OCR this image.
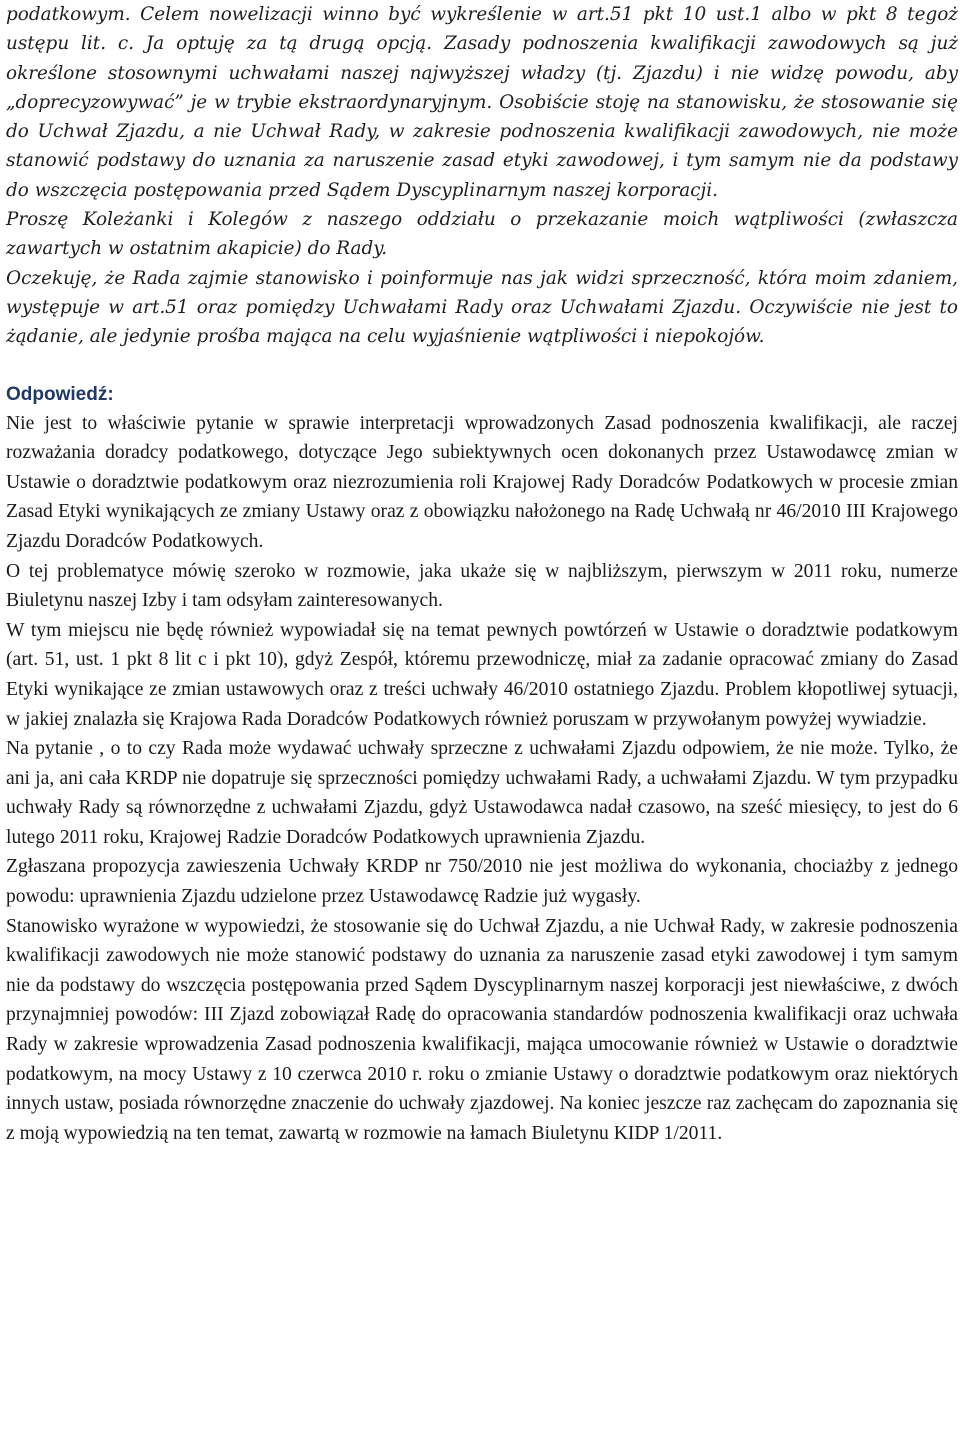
podatkowym. Celem nowelizacji winno być wykreślenie w art.51 pkt 10 ust.1 albo w pkt 8 tegoż ustępu lit. c. Ja optuję za tą drugą opcją. Zasady podnoszenia kwalifikacji zawodowych są już określone stosownymi uchwałami naszej najwyższej władzy (tj. Zjazdu) i nie widzę powodu, aby „doprecyzowywać” je w trybie ekstraordynaryjnym. Osobiście stoję na stanowisku, że stosowanie się do Uchwał Zjazdu, a nie Uchwał Rady, w zakresie podnoszenia kwalifikacji zawodowych, nie może stanowić podstawy do uznania za naruszenie zasad etyki zawodowej, i tym samym nie da podstawy do wszczęcia postępowania przed Sądem Dyscyplinarnym naszej korporacji.

Proszę Koleżanki i Kolegów z naszego oddziału o przekazanie moich wątpliwości (zwłaszcza zawartych w ostatnim akapicie) do Rady.

Oczekuję, że Rada zajmie stanowisko i poinformuje nas jak widzi sprzeczność, która moim zdaniem, występuje w art.51 oraz pomiędzy Uchwałami Rady oraz Uchwałami Zjazdu. Oczywiście nie jest to żądanie, ale jedynie prośba mająca na celu wyjaśnienie wątpliwości i niepokojów.

Odpowiedź:

Nie jest to właściwie pytanie w sprawie interpretacji wprowadzonych Zasad podnoszenia kwalifikacji, ale raczej rozważania doradcy podatkowego, dotyczące Jego subiektywnych ocen dokonanych przez Ustawodawcę zmian w Ustawie o doradztwie podatkowym oraz niezrozumienia roli Krajowej Rady Doradców Podatkowych w procesie zmian Zasad Etyki wynikających ze zmiany Ustawy oraz z obowiązku nałożonego na Radę Uchwałą nr 46/2010 III Krajowego Zjazdu Doradców Podatkowych.

O tej problematyce mówię szeroko w rozmowie, jaka ukaże się w najbliższym, pierwszym w 2011 roku, numerze Biuletynu naszej Izby i tam odsyłam zainteresowanych.

W tym miejscu nie będę również wypowiadał się na temat pewnych powtórzeń w Ustawie o doradztwie podatkowym (art. 51, ust. 1 pkt 8 lit c i pkt 10), gdyż Zespół, któremu przewodniczę, miał za zadanie opracować zmiany do Zasad Etyki wynikające ze zmian ustawowych oraz z treści uchwały 46/2010 ostatniego Zjazdu. Problem kłopotliwej sytuacji, w jakiej znalazła się Krajowa Rada Doradców Podatkowych również poruszam w przywołanym powyżej wywiadzie.

Na pytanie , o to czy Rada może wydawać uchwały sprzeczne z uchwałami Zjazdu odpowiem, że nie może. Tylko, że ani ja, ani cała KRDP nie dopatruje się sprzeczności pomiędzy uchwałami Rady, a uchwałami Zjazdu. W tym przypadku uchwały Rady są równorzędne z uchwałami Zjazdu, gdyż Ustawodawca nadał czasowo, na sześć miesięcy, to jest do 6 lutego 2011 roku, Krajowej Radzie Doradców Podatkowych uprawnienia Zjazdu.

Zgłaszana propozycja zawieszenia Uchwały KRDP nr 750/2010 nie jest możliwa do wykonania, chociażby z jednego powodu: uprawnienia Zjazdu udzielone przez Ustawodawcę Radzie już wygasły.

Stanowisko wyrażone w wypowiedzi, że stosowanie się do Uchwał Zjazdu, a nie Uchwał Rady, w zakresie podnoszenia kwalifikacji zawodowych nie może stanowić podstawy do uznania za naruszenie zasad etyki zawodowej i tym samym nie da podstawy do wszczęcia postępowania przed Sądem Dyscyplinarnym naszej korporacji jest niewłaściwe, z dwóch przynajmniej powodów: III Zjazd zobowiązał Radę do opracowania standardów podnoszenia kwalifikacji oraz uchwała Rady w zakresie wprowadzenia Zasad podnoszenia kwalifikacji, mająca umocowanie również w Ustawie o doradztwie podatkowym, na mocy Ustawy z 10 czerwca 2010 r. roku o zmianie Ustawy o doradztwie podatkowym oraz niektórych innych ustaw, posiada równorzędne znaczenie do uchwały zjazdowej. Na koniec jeszcze raz zachęcam do zapoznania się z moją wypowiedzią na ten temat, zawartą w rozmowie na łamach Biuletynu KIDP 1/2011.
